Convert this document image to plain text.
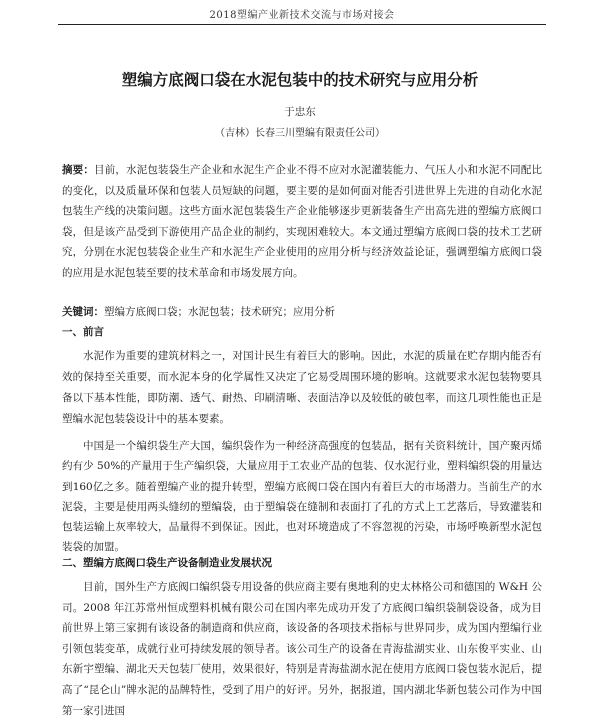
2018塑编产业新技术交流与市场对接会
塑编方底阀口袋在水泥包装中的技术研究与应用分析
于忠东
（吉林）长春三川塑编有限责任公司）
摘要：目前，水泥包装袋生产企业和水泥生产企业不得不应对水泥灌装能力、气压人小和水泥不同配比的变化，以及质量环保和包装人员短缺的问题，要主要的是如何面对能否引进世界上先进的自动化水泥包装生产线的决策问题。这些方面水泥包装袋生产企业能够逐步更新装备生产出高先进的塑编方底阀口袋，但是该产品受到下游使用产品企业的制约，实现困难较大。本文通过塑编方底阀口袋的技术工艺研究，分别在水泥包装袋企业生产和水泥生产企业使用的应用分析与经济效益论证，强调塑编方底阀口袋的应用是水泥包装至要的技术革命和市场发展方向。
关键词：塑编方底阀口袋；水泥包装；技术研究；应用分析
一、前言
水泥作为重要的建筑材料之一，对国计民生有着巨大的影响。因此，水泥的质量在贮存期内能否有效的保持至关重要，而水泥本身的化学属性又决定了它易受周围环境的影响。这就要求水泥包装物要具备以下基本性能，即防潮、透气、耐热、印刷清晰、表面洁净以及较低的破包率，而这几项性能也正是塑编水泥包装袋设计中的基本要素。
中国是一个编织袋生产大国，编织袋作为一种经济高强度的包装品，据有关资料统计，国产聚丙烯约有少 50%的产量用于生产编织袋，大量应用于工农业产品的包装、仅水泥行业，塑料编织袋的用量达到160亿之多。随着塑编产业的提升转型，塑编方底阀口袋在国内有着巨大的市场潜力。当前生产的水泥袋，主要是使用两头缝纫的塑编袋，由于塑编袋在缝制和表面打了孔的方式上工艺落后，导致灌装和包装运输上灰率较大，品量得不到保证。因此，也对环境造成了不容忽视的污染，市场呼唤新型水泥包装袋的加盟。
二、塑编方底阀口袋生产设备制造业发展状况
目前，国外生产方底阀口编织袋专用设备的供应商主要有奥地利的史太林格公司和德国的 W&H 公司。2008 年江苏常州恒成塑料机械有限公司在国内率先成功开发了方底阀口编织袋制袋设备，成为目前世界上第三家拥有该设备的制造商和供应商，该设备的各项技术指标与世界同步，成为国内塑编行业引领包装变革，成就行业可持续发展的领导者。该公司生产的设备在青海盐湖实业、山东俊平实业、山东新宇塑编、湖北天天包装厂使用，效果很好，特别是青海盐湖水泥在使用方底阀口袋包装水泥后，提高了“昆仑山”牌水泥的品牌特性，受到了用户的好评。另外，据报道，国内湖北华新包装公司作为中国第一家引进国
